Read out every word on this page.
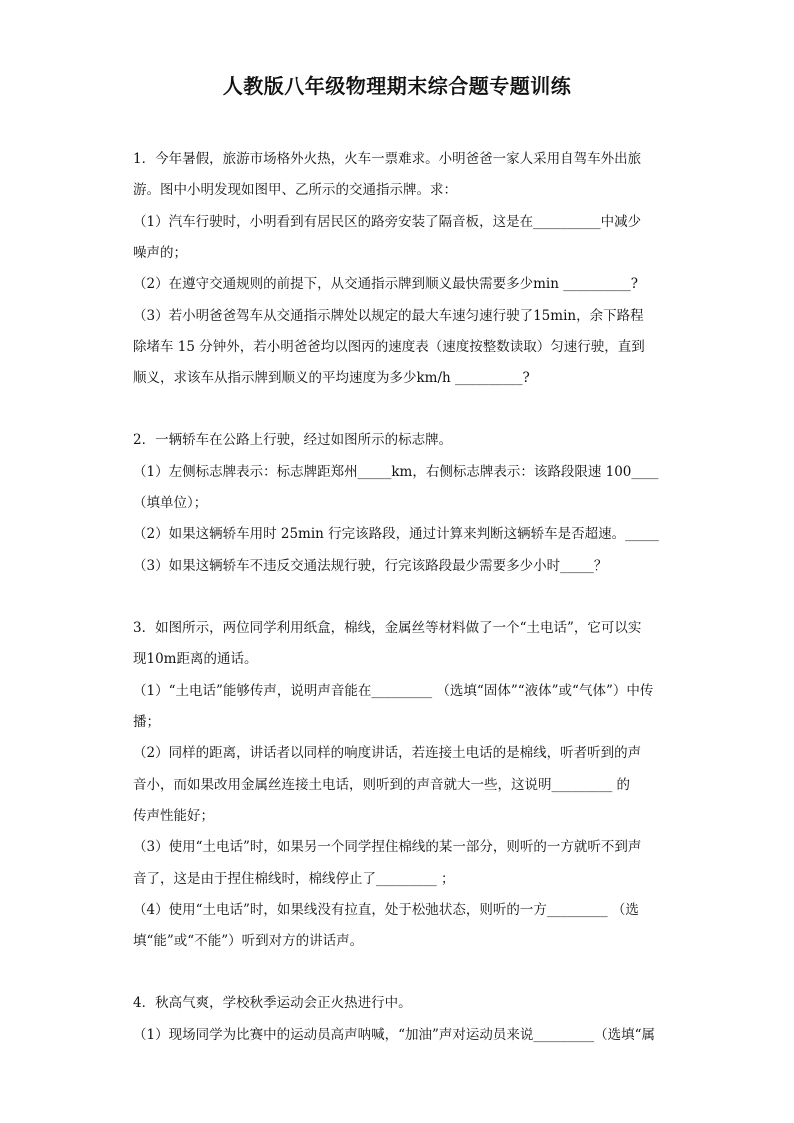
人教版八年级物理期末综合题专题训练
1．今年暑假，旅游市场格外火热，火车一票难求。小明爸爸一家人采用自驾车外出旅
游。图中小明发现如图甲、乙所示的交通指示牌。求：
（1）汽车行驶时，小明看到有居民区的路旁安装了隔音板，这是在__________中减少
噪声的；
（2）在遵守交通规则的前提下，从交通指示牌到顺义最快需要多少min __________?
（3）若小明爸爸驾车从交通指示牌处以规定的最大车速匀速行驶了15min，余下路程
除堵车 15 分钟外，若小明爸爸均以图丙的速度表（速度按整数读取）匀速行驶，直到
顺义，求该车从指示牌到顺义的平均速度为多少km/h __________?
2．一辆轿车在公路上行驶，经过如图所示的标志牌。
（1）左侧标志牌表示：标志牌距郑州_____km，右侧标志牌表示：该路段限速 100____
（填单位）；
（2）如果这辆轿车用时 25min 行完该路段，通过计算来判断这辆轿车是否超速。_____
（3）如果这辆轿车不违反交通法规行驶，行完该路段最少需要多少小时_____？
3．如图所示，两位同学利用纸盒，棉线，金属丝等材料做了一个“土电话”，它可以实
现10m距离的通话。
（1）“土电话”能够传声，说明声音能在_________ （选填“固体”“液体”或“气体”）中传
播；
（2）同样的距离，讲话者以同样的响度讲话，若连接土电话的是棉线，听者听到的声
音小，而如果改用金属丝连接土电话，则听到的声音就大一些，这说明_________ 的
传声性能好；
（3）使用“土电话”时，如果另一个同学捏住棉线的某一部分，则听的一方就听不到声
音了，这是由于捏住棉线时，棉线停止了_________ ；
（4）使用“土电话”时，如果线没有拉直，处于松弛状态，则听的一方_________ （选
填“能”或“不能”）听到对方的讲话声。
4．秋高气爽，学校秋季运动会正火热进行中。
（1）现场同学为比赛中的运动员高声呐喊，“加油”声对运动员来说_________（选填“属
